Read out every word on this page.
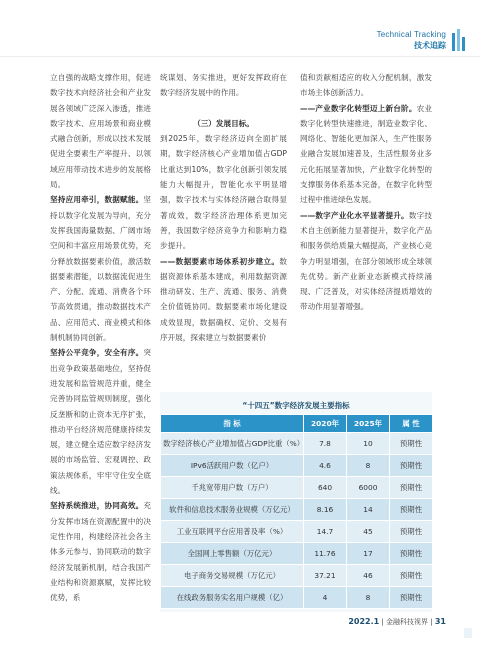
Technical Tracking
技术追踪
立自强的战略支撑作用，促进数字技术向经济社会和产业发展各领域广泛深入渗透，推进数字技术、应用场景和商业模式融合创新，形成以技术发展促进全要素生产率提升、以领域应用带动技术进步的发展格局。
坚持应用牵引，数据赋能。坚持以数字化发展为导向，充分发挥我国海量数据、广阔市场空间和丰富应用场景优势，充分释放数据要素价值，激活数据要素潜能，以数据流促进生产、分配、流通、消费各个环节高效贯通，推动数据技术产品、应用范式、商业模式和体制机制协同创新。
坚持公平竞争，安全有序。突出竞争政策基础地位，坚持促进发展和监管规范并重，健全完善协同监管规则制度，强化反垄断和防止资本无序扩张，推动平台经济规范健康持续发展，建立健全适应数字经济发展的市场监管、宏观调控、政策法规体系，牢牢守住安全底线。
坚持系统推进，协同高效。充分发挥市场在资源配置中的决定性作用，构建经济社会各主体多元参与、协同联动的数字经济发展新机制，结合我国产业结构和资源禀赋，发挥比较优势，系
统谋划、务实推进，更好发挥政府在数字经济发展中的作用。

（三）发展目标。
到2025年，数字经济迈向全面扩展期，数字经济核心产业增加值占GDP比重达到10%，数字化创新引领发展能力大幅提升，智能化水平明显增强，数字技术与实体经济融合取得显著成效，数字经济治理体系更加完善，我国数字经济竞争力和影响力稳步提升。
——数据要素市场体系初步建立。数据资源体系基本建成，利用数据资源推动研发、生产、流通、服务、消费全价值链协同。数据要素市场化建设成效显现，数据确权、定价、交易有序开展，探索建立与数据要素价
值和贡献相适应的收入分配机制，激发市场主体创新活力。
——产业数字化转型迈上新台阶。农业数字化转型快速推进，制造业数字化、网络化、智能化更加深入，生产性服务业融合发展加速普及，生活性服务业多元化拓展显著加快，产业数字化转型的支撑服务体系基本完备，在数字化转型过程中推进绿色发展。
——数字产业化水平显著提升。数字技术自主创新能力显著提升，数字化产品和服务供给质量大幅提高，产业核心竞争力明显增强，在部分领域形成全球领先优势。新产业新业态新模式持续涌现、广泛普及，对实体经济提质增效的带动作用显著增强。
“十四五”数字经济发展主要指标
指 标	2020年	2025年	属 性
数字经济核心产业增加值占GDP比重（%）	7.8	10	预期性
IPv6活跃用户数（亿户）	4.6	8	预期性
千兆宽带用户数（万户）	640	6000	预期性
软件和信息技术服务业规模（万亿元）	8.16	14	预期性
工业互联网平台应用普及率（%）	14.7	45	预期性
全国网上零售额（万亿元）	11.76	17	预期性
电子商务交易规模（万亿元）	37.21	46	预期性
在线政务服务实名用户规模（亿）	4	8	预期性
2022.1 | 金融科技视界 | 31
